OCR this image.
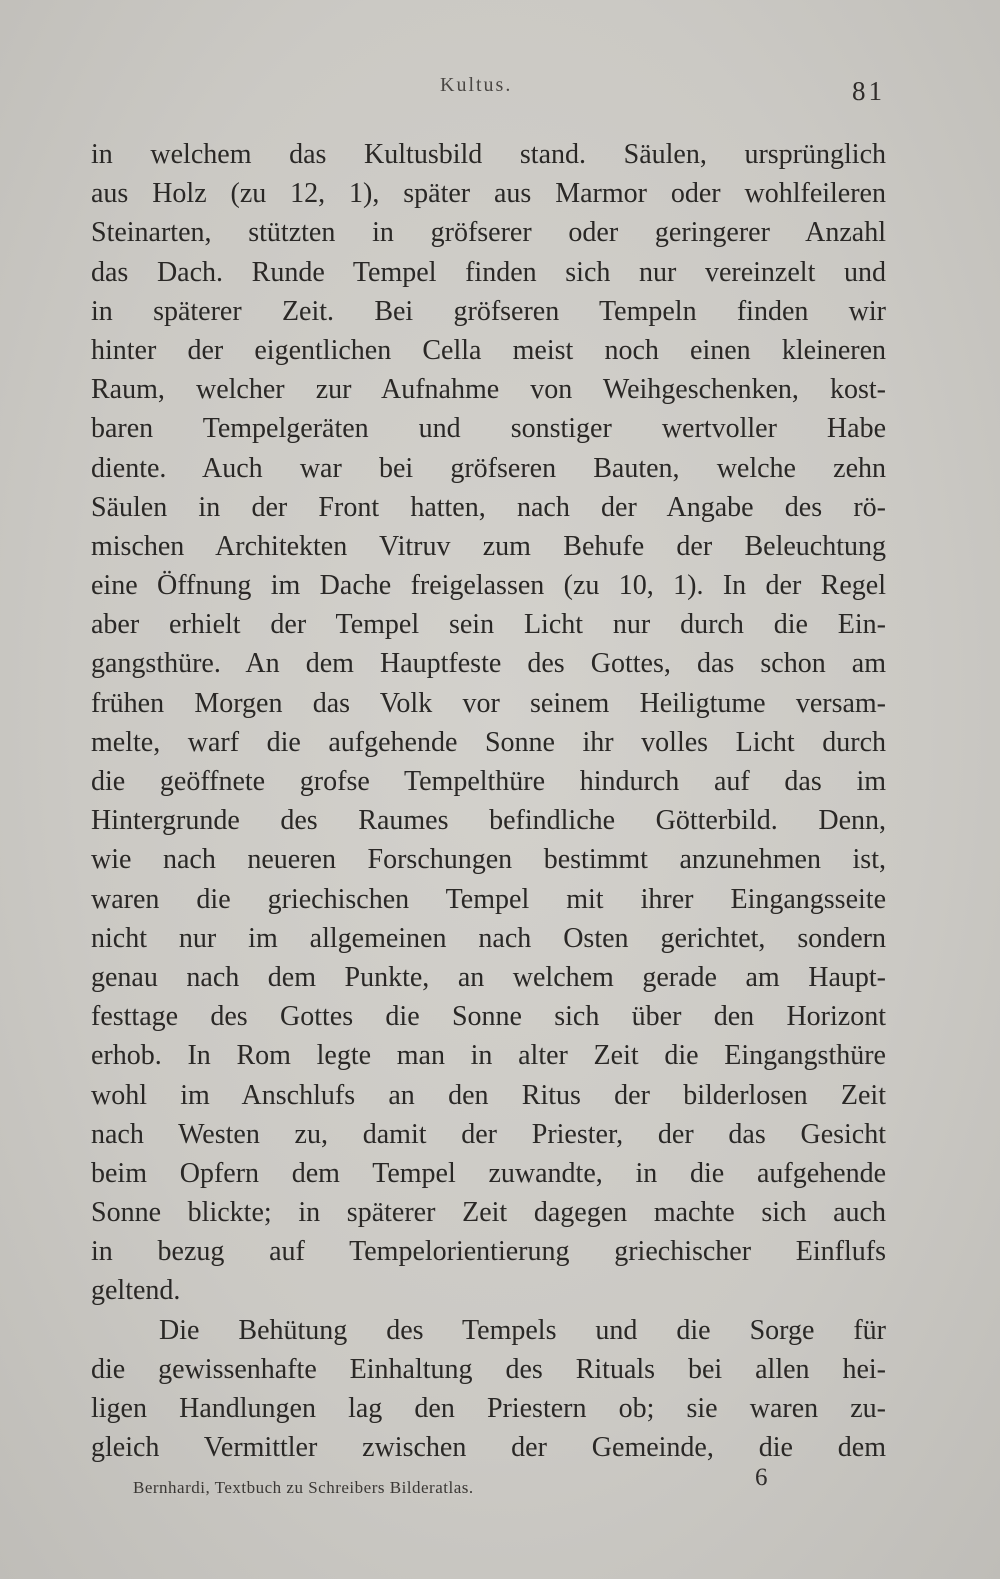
Kultus.	81
in welchem das Kultusbild stand. Säulen, ursprünglich
aus Holz (zu 12, 1), später aus Marmor oder wohlfeileren
Steinarten, stützten in gröfserer oder geringerer Anzahl
das Dach. Runde Tempel finden sich nur vereinzelt und
in späterer Zeit. Bei gröfseren Tempeln finden wir
hinter der eigentlichen Cella meist noch einen kleineren
Raum, welcher zur Aufnahme von Weihgeschenken, kost-
baren Tempelgeräten und sonstiger wertvoller Habe
diente. Auch war bei gröfseren Bauten, welche zehn
Säulen in der Front hatten, nach der Angabe des rö-
mischen Architekten Vitruv zum Behufe der Beleuchtung
eine Öffnung im Dache freigelassen (zu 10, 1). In der Regel
aber erhielt der Tempel sein Licht nur durch die Ein-
gangsthüre. An dem Hauptfeste des Gottes, das schon am
frühen Morgen das Volk vor seinem Heiligtume versam-
melte, warf die aufgehende Sonne ihr volles Licht durch
die geöffnete grofse Tempelthüre hindurch auf das im
Hintergrunde des Raumes befindliche Götterbild. Denn,
wie nach neueren Forschungen bestimmt anzunehmen ist,
waren die griechischen Tempel mit ihrer Eingangsseite
nicht nur im allgemeinen nach Osten gerichtet, sondern
genau nach dem Punkte, an welchem gerade am Haupt-
festtage des Gottes die Sonne sich über den Horizont
erhob. In Rom legte man in alter Zeit die Eingangsthüre
wohl im Anschlufs an den Ritus der bilderlosen Zeit
nach Westen zu, damit der Priester, der das Gesicht
beim Opfern dem Tempel zuwandte, in die aufgehende
Sonne blickte; in späterer Zeit dagegen machte sich auch
in bezug auf Tempelorientierung griechischer Einflufs
geltend.
Die Behütung des Tempels und die Sorge für
die gewissenhafte Einhaltung des Rituals bei allen hei-
ligen Handlungen lag den Priestern ob; sie waren zu-
gleich Vermittler zwischen der Gemeinde, die dem
Bernhardi, Textbuch zu Schreibers Bilderatlas.	6
